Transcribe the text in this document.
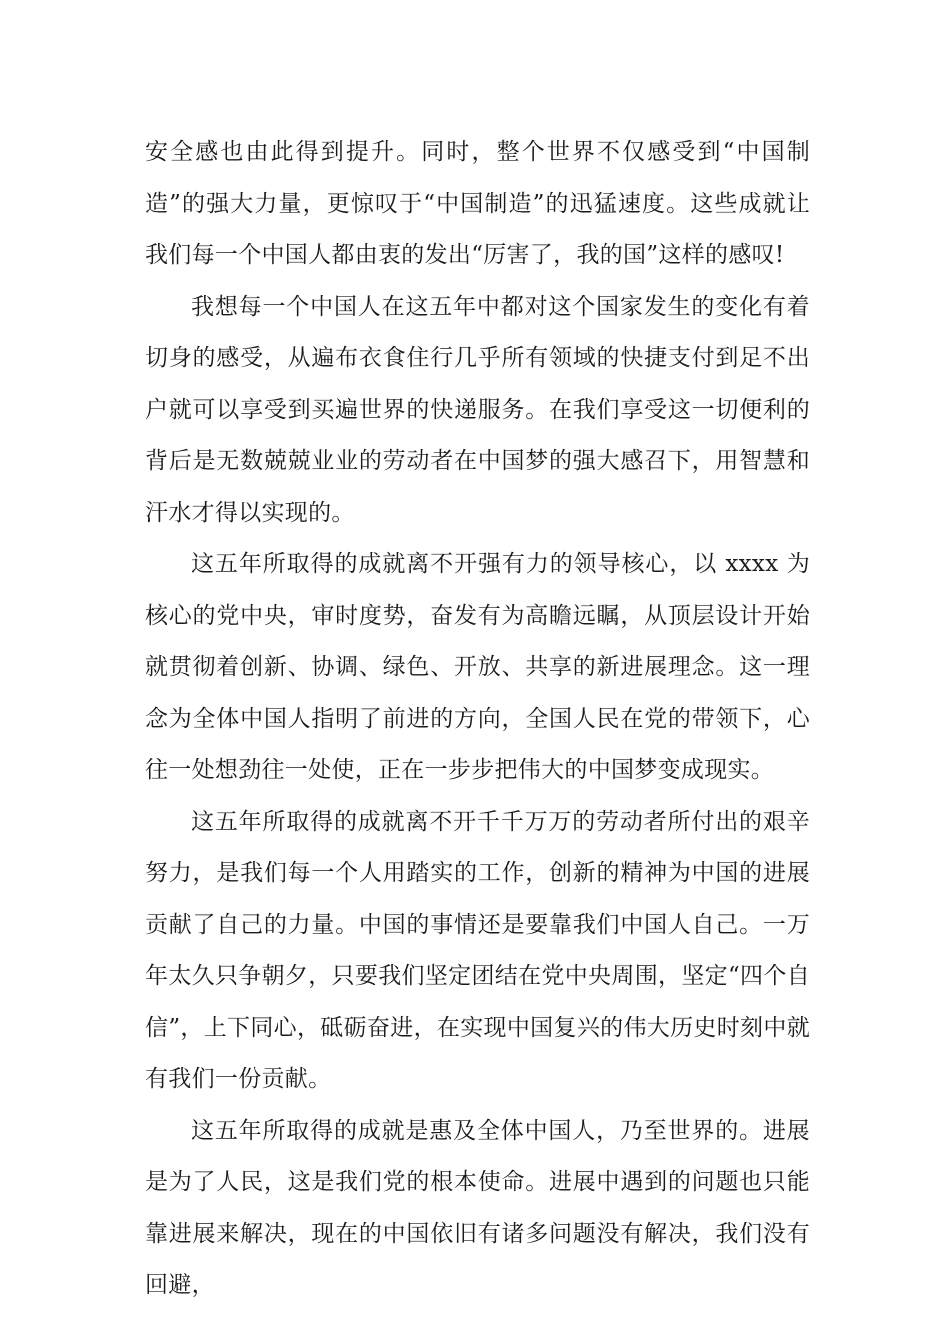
安全感也由此得到提升。同时，整个世界不仅感受到“中国制造”的强大力量，更惊叹于“中国制造”的迅猛速度。这些成就让我们每一个中国人都由衷的发出“厉害了，我的国”这样的感叹!

我想每一个中国人在这五年中都对这个国家发生的变化有着切身的感受，从遍布衣食住行几乎所有领域的快捷支付到足不出户就可以享受到买遍世界的快递服务。在我们享受这一切便利的背后是无数兢兢业业的劳动者在中国梦的强大感召下，用智慧和汗水才得以实现的。

这五年所取得的成就离不开强有力的领导核心，以 xxxx 为核心的党中央，审时度势，奋发有为高瞻远瞩，从顶层设计开始就贯彻着创新、协调、绿色、开放、共享的新进展理念。这一理念为全体中国人指明了前进的方向，全国人民在党的带领下，心往一处想劲往一处使，正在一步步把伟大的中国梦变成现实。

这五年所取得的成就离不开千千万万的劳动者所付出的艰辛努力，是我们每一个人用踏实的工作，创新的精神为中国的进展贡献了自己的力量。中国的事情还是要靠我们中国人自己。一万年太久只争朝夕，只要我们坚定团结在党中央周围，坚定“四个自信”，上下同心，砥砺奋进，在实现中国复兴的伟大历史时刻中就有我们一份贡献。

这五年所取得的成就是惠及全体中国人，乃至世界的。进展是为了人民，这是我们党的根本使命。进展中遇到的问题也只能靠进展来解决，现在的中国依旧有诸多问题没有解决，我们没有回避，
